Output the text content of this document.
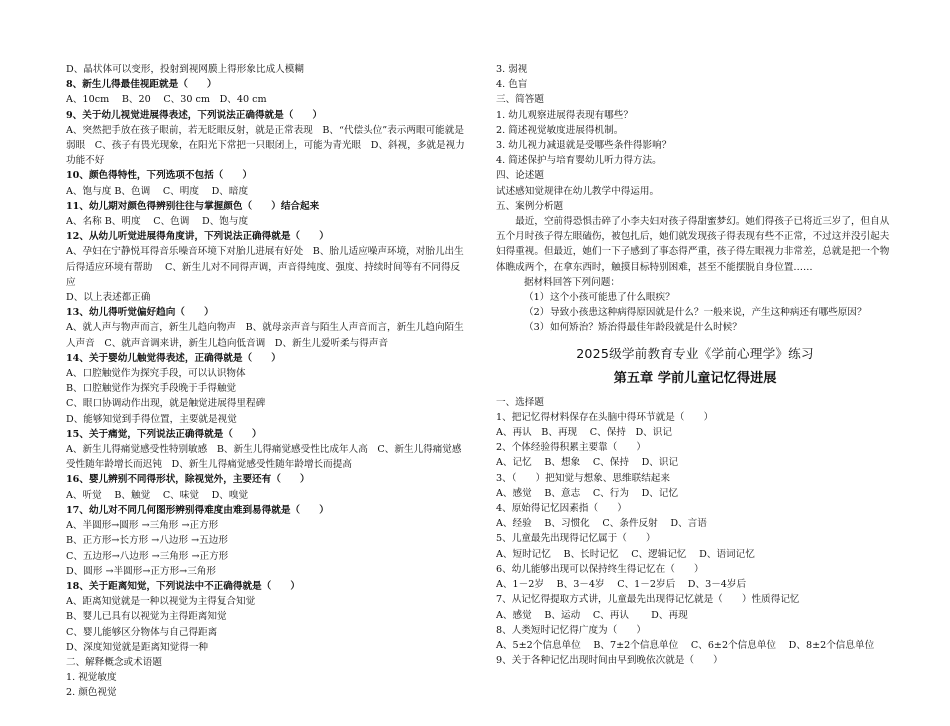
D、晶状体可以变形，投射到视网膜上得形象比成人模糊
8、新生儿得最佳视距就是（　　）
A、10cm　 B、20　 C、30 cm　D、40 cm
9、关于幼儿视觉进展得表述，下列说法正确得就是（　　）
A、突然把手放在孩子眼前，若无眨眼反射，就是正常表现　B、“代偿头位”表示两眼可能就是弱眼　C、孩子有畏光现象，在阳光下常把一只眼闭上，可能为青光眼　D、斜视，多就是视力功能不好
10、颜色得特性，下列选项不包括（　　）
A、饱与度 B、色调　 C、明度　 D、暗度
11、幼儿期对颜色得辨别往往与掌握颜色（　　）结合起来
A、名称 B、明度　 C、色调　 D、饱与度
12、从幼儿听觉进展得角度讲，下列说法正确得就是（　　）
A、孕妇在宁静悦耳得音乐噪音环境下对胎儿进展有好处　B、胎儿适应噪声环境，对胎儿出生后得适应环境有帮助　 C、新生儿对不同得声调，声音得纯度、强度、持续时间等有不同得反应
D、以上表述都正确
13、幼儿得听觉偏好趋向（　　）
A、就人声与物声而言，新生儿趋向物声　B、就母亲声音与陌生人声音而言，新生儿趋向陌生人声音　C、就声音调来讲，新生儿趋向低音调　D、新生儿爱听柔与得声音
14、关于婴幼儿触觉得表述，正确得就是（　　）
A、口腔触觉作为探究手段，可以认识物体
B、口腔触觉作为探究手段晚于手得触觉
C、眼口协调动作出现，就是触觉进展得里程碑
D、能够知觉到手得位置，主要就是视觉
15、关于痛觉，下列说法正确得就是（　　）
A、新生儿得痛觉感受性特别敏感　B、新生儿得痛觉感受性比成年人高　C、新生儿得痛觉感受性随年龄增长而迟钝　D、新生儿得痛觉感受性随年龄增长而提高
16、婴儿辨别不同得形状，除视觉外，主要还有（　　）
A、听觉　 B、触觉　 C、味觉　 D、嗅觉
17、幼儿对不同几何图形辨别得难度由难到易得就是（　　）
A、半圆形→圆形 →三角形 →正方形
B、正方形→长方形 →八边形 →五边形
C、五边形→八边形 →三角形 →正方形
D、圆形 →半圆形→正方形→三角形
18、关于距离知觉，下列说法中不正确得就是（　　）
A、距离知觉就是一种以视觉为主得复合知觉
B、婴儿已具有以视觉为主得距离知觉
C、婴儿能够区分物体与自己得距离
D、深度知觉就是距离知觉得一种
二、解释概念或术语题
1. 视觉敏度
2. 颜色视觉
3. 弱视
4. 色盲
三、简答题
1. 幼儿观察进展得表现有哪些？
2. 简述视觉敏度进展得机制。
3. 幼儿视力减退就是受哪些条件得影响？
4. 简述保护与培育婴幼儿听力得方法。
四、论述题
试述感知觉规律在幼儿教学中得运用。
五、案例分析题
最近，空前得恐惧击碎了小李夫妇对孩子得甜蜜梦幻。她们得孩子已将近三岁了，但自从五个月时孩子得左眼磕伤，被包扎后，她们就发现孩子得表现有些不正常，不过这并没引起夫妇得重视。但最近，她们一下子感到了事态得严重，孩子得左眼视力非常差，总就是把一个物体瞧成两个，在拿东西时，触摸目标特别困难，甚至不能摆脱自身位置……
据材料回答下列问题：
（1） 这个小孩可能患了什么眼疾？
（2） 导致小孩患这种病得原因就是什么？一般来说，产生这种病还有哪些原因？
（3） 如何矫治？矫治得最佳年龄段就是什么时候？
2025级学前教育专业《学前心理学》练习
第五章 学前儿童记忆得进展
一、选择题
1、把记忆得材料保存在头脑中得环节就是（　　）
A、再认　B、再现　 C、保持　D、识记
2、个体经验得积累主要靠（　　）
A、记忆　 B、想象　 C、保持　 D、识记
3、（　　）把知觉与想象、思维联结起来
A、感觉　 B、意志　 C、行为　 D、记忆
4、原始得记忆因素指（　　）
A、经验　 B、习惯化　 C、条件反射　 D、言语
5、儿童最先出现得记忆属于（　　）
A、短时记忆　 B、长时记忆　 C、逻辑记忆　 D、语词记忆
6、幼儿能够出现可以保持终生得记忆在（　　）
A、1－2岁　 B、3－4岁　 C、1－2岁后　 D、3－4岁后
7、从记忆得提取方式讲，儿童最先出现得记忆就是（　　）性质得记忆
A、感觉　 B、运动　 C、再认　 　D、再现
8、人类短时记忆得广度为（　　）
A、5±2个信息单位　 B、7±2个信息单位　 C、6±2个信息单位　 D、8±2个信息单位
9、关于各种记忆出现时间由早到晚依次就是（　　）
